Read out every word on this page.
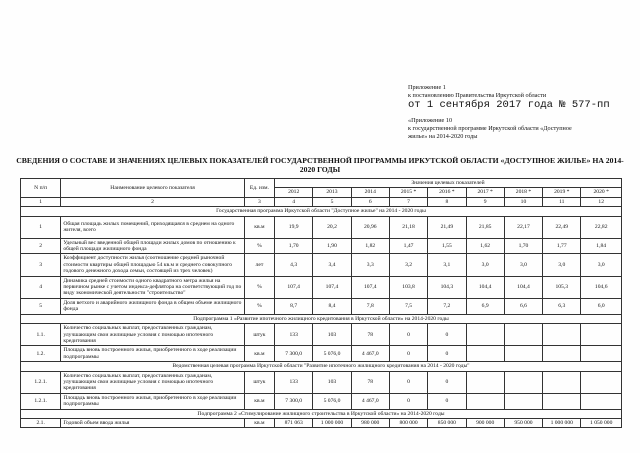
Приложение 1
к постановлению Правительства Иркутской области
от 1 сентября 2017 года № 577-пп
«Приложение 10
к государственной программе Иркутской области «Доступное
жилье» на 2014-2020 годы
СВЕДЕНИЯ О СОСТАВЕ И ЗНАЧЕНИЯХ ЦЕЛЕВЫХ ПОКАЗАТЕЛЕЙ ГОСУДАРСТВЕННОЙ ПРОГРАММЫ ИРКУТСКОЙ ОБЛАСТИ «ДОСТУПНОЕ ЖИЛЬЕ» НА 2014-2020 ГОДЫ
N п/п	Наименование целевого показателя	Ед. изм.	Значения целевых показателей								
			2012	2013	2014	2015 *	2016 *	2017 *	2018 *	2019 *	2020 *
1	2	3	4	5	6	7	8	9	10	11	12
Государственная программа Иркутской области "Доступное жилье" на 2014 - 2020 годы											
1	Общая площадь жилых помещений, приходящаяся в среднем на одного жителя, всего	кв.м	19,9	20,2	20,96	21,18	21,49	21,85	22,17	22,49	22,82
2	Удельный вес введенной общей площади жилых домов по отношению к общей площади жилищного фонда	%	1,70	1,90	1,82	1,47	1,55	1,62	1,70	1,77	1,84
3	Коэффициент доступности жилья (соотношение средней рыночной стоимости квартиры общей площадью 54 кв.м и среднего совокупного годового денежного дохода семьи, состоящей из трех человек)	лет	4,3	3,4	3,3	3,2	3,1	3,0	3,0	3,0	3,0
4	Динамика средней стоимости одного квадратного метра жилья на первичном рынке с учетом индекса-дефлятора на соответствующий год по виду экономической деятельности "строительство"	%	107,4	107,4	107,4	103,8	104,3	104,4	104,4	105,3	104,6
5	Доля ветхого и аварийного жилищного фонда в общем объеме жилищного фонда	%	8,7	8,4	7,8	7,5	7,2	6,9	6,6	6,3	6,0
Подпрограмма 1 «Развитие ипотечного жилищного кредитования в Иркутской области» на 2014-2020 годы											
1.1.	Количество социальных выплат, предоставленных гражданам, улучшающим свои жилищные условия с помощью ипотечного кредитования	штук	133	103	78	0	0				
1.2.	Площадь вновь построенного жилья, приобретенного в ходе реализации подпрограммы	кв.м	7 300,0	5 076,0	4 467,0	0	0				
Ведомственная целевая программа Иркутской области "Развитие ипотечного жилищного кредитования на 2014 - 2020 годы"											
1.2.1.	Количество социальных выплат, предоставленных гражданам, улучшающим свои жилищные условия с помощью ипотечного кредитования	штук	133	103	78	0	0				
1.2.1.	Площадь вновь построенного жилья, приобретенного в ходе реализации подпрограммы	кв.м	7 300,0	5 076,0	4 467,0	0	0				
Подпрограмма 2 «Стимулирование жилищного строительства в Иркутской области» на 2014-2020 годы											
2.1.	Годовой объем ввода жилья	кв.м	871 063	1 000 000	980 000	800 000	850 000	900 000	950 000	1 000 000	1 050 000
